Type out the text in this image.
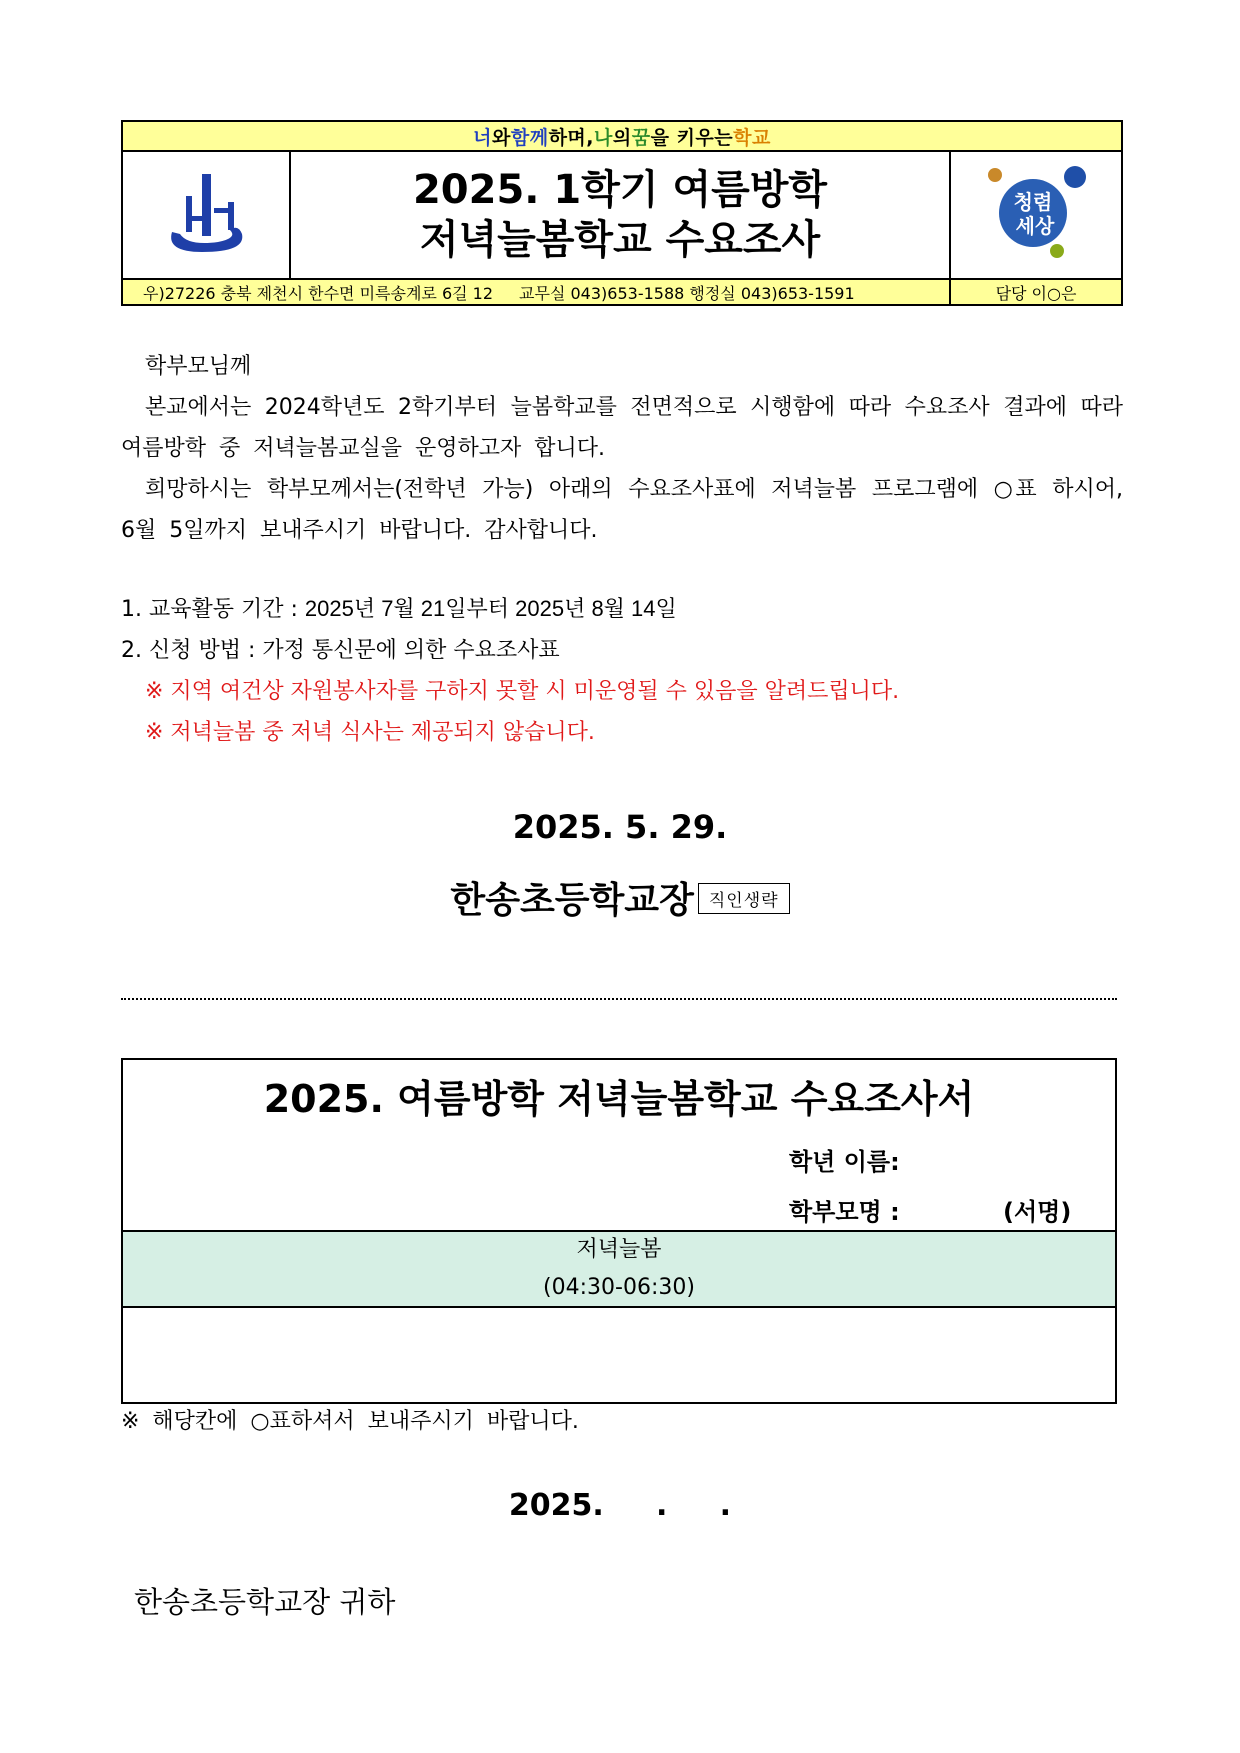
너 와 함께 하며, 나 의 꿈 을 키우는 학교
2025. 1학기 여름방학
저녁늘봄학교 수요조사
청렴
세상
우)27226 충북 제천시 한수면 미륵송계로 6길 12 교무실 043)653-1588 행정실 043)653-1591	담당 이○은
학부모님께
본교에서는 2024학년도 2학기부터 늘봄학교를 전면적으로 시행함에 따라 수요조사 결과에 따라 여름방학 중 저녁늘봄교실을 운영하고자 합니다.
희망하시는 학부모께서는(전학년 가능) 아래의 수요조사표에 저녁늘봄 프로그램에 ○표 하시어, 6월 5일까지 보내주시기 바랍니다. 감사합니다.
1. 교육활동 기간 : 2025년 7월 21일부터 2025년 8월 14일
2. 신청 방법 : 가정 통신문에 의한 수요조사표
※ 지역 여건상 자원봉사자를 구하지 못할 시 미운영될 수 있음을 알려드립니다.
※ 저녁늘봄 중 저녁 식사는 제공되지 않습니다.
2025. 5. 29.
한송초등학교장 직인생략
2025. 여름방학 저녁늘봄학교 수요조사서
학년 이름:
학부모명 :	(서명)
저녁늘봄
(04:30-06:30)
※ 해당칸에 ○표하셔서 보내주시기 바랍니다.
2025.     .     .
한송초등학교장 귀하
